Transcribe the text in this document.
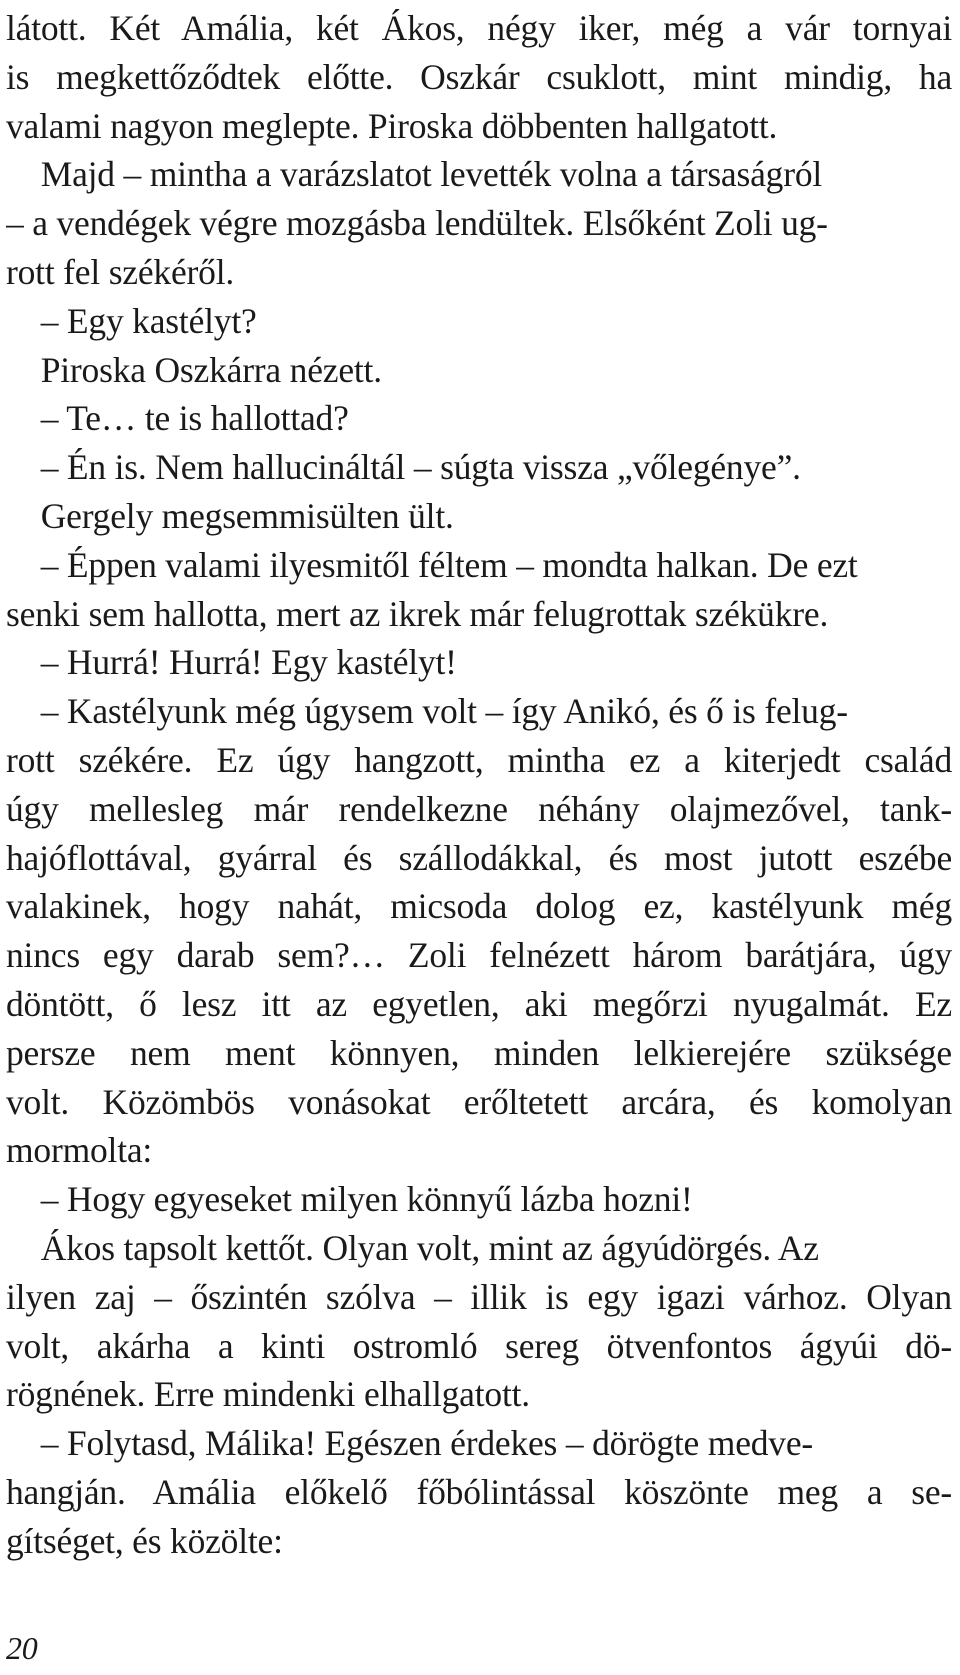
látott. Két Amália, két Ákos, négy iker, még a vár tornyai
is megkettőződtek előtte. Oszkár csuklott, mint mindig, ha
valami nagyon meglepte. Piroska döbbenten hallgatott.
Majd – mintha a varázslatot levették volna a társaságról
– a vendégek végre mozgásba lendültek. Elsőként Zoli ug-
rott fel székéről.
– Egy kastélyt?
Piroska Oszkárra nézett.
– Te… te is hallottad?
– Én is. Nem hallucináltál – súgta vissza „vőlegénye”.
Gergely megsemmisülten ült.
– Éppen valami ilyesmitől féltem – mondta halkan. De ezt
senki sem hallotta, mert az ikrek már felugrottak székükre.
– Hurrá! Hurrá! Egy kastélyt!
– Kastélyunk még úgysem volt – így Anikó, és ő is felug-
rott székére. Ez úgy hangzott, mintha ez a kiterjedt család
úgy mellesleg már rendelkezne néhány olajmezővel, tank-
hajóflottával, gyárral és szállodákkal, és most jutott eszébe
valakinek, hogy nahát, micsoda dolog ez, kastélyunk még
nincs egy darab sem?… Zoli felnézett három barátjára, úgy
döntött, ő lesz itt az egyetlen, aki megőrzi nyugalmát. Ez
persze nem ment könnyen, minden lelkierejére szüksége
volt. Közömbös vonásokat erőltetett arcára, és komolyan
mormolta:
– Hogy egyeseket milyen könnyű lázba hozni!
Ákos tapsolt kettőt. Olyan volt, mint az ágyúdörgés. Az
ilyen zaj – őszintén szólva – illik is egy igazi várhoz. Olyan
volt, akárha a kinti ostromló sereg ötvenfontos ágyúi dö-
rögnének. Erre mindenki elhallgatott.
– Folytasd, Málika! Egészen érdekes – dörögte medve-
hangján. Amália előkelő főbólintással köszönte meg a se-
gítséget, és közölte:
20
